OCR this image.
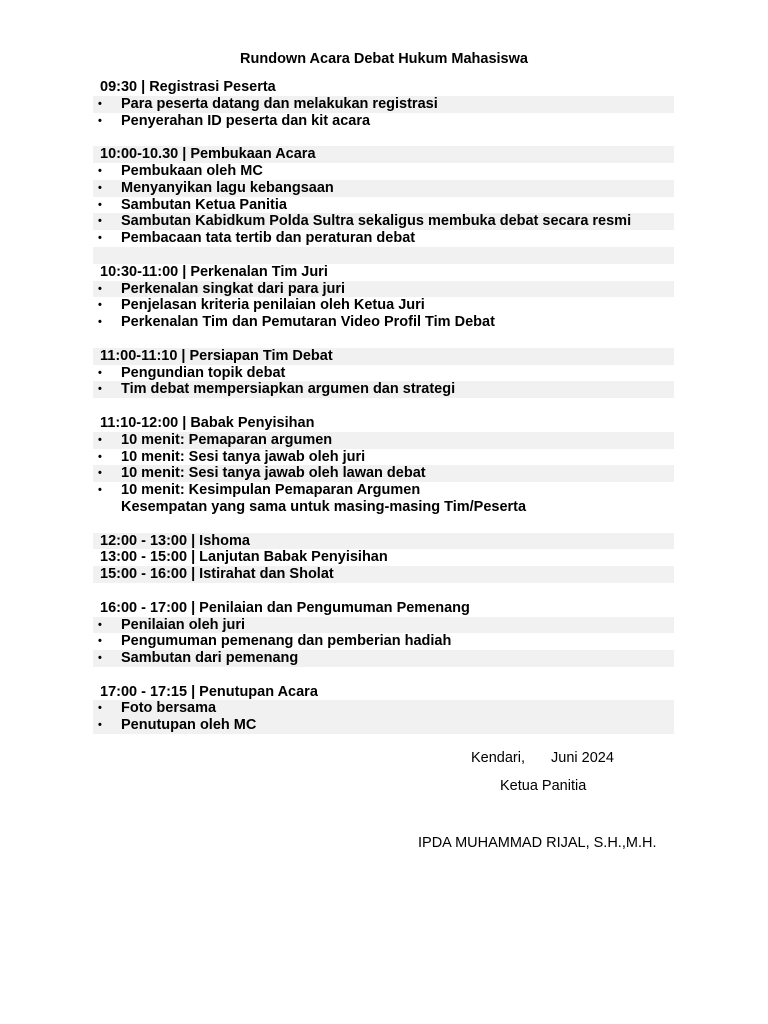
Rundown Acara Debat Hukum Mahasiswa
09:30 | Registrasi Peserta
• Para peserta datang dan melakukan registrasi
• Penyerahan ID peserta dan kit acara
10:00-10.30 | Pembukaan Acara
• Pembukaan oleh MC
• Menyanyikan lagu kebangsaan
• Sambutan Ketua Panitia
• Sambutan Kabidkum Polda Sultra sekaligus membuka debat secara resmi
• Pembacaan tata tertib dan peraturan debat
10:30-11:00 | Perkenalan Tim Juri
• Perkenalan singkat dari para juri
• Penjelasan kriteria penilaian oleh Ketua Juri
• Perkenalan Tim dan Pemutaran Video Profil Tim Debat
11:00-11:10 | Persiapan Tim Debat
• Pengundian topik debat
• Tim debat mempersiapkan argumen dan strategi
11:10-12:00 | Babak Penyisihan
• 10 menit: Pemaparan argumen
• 10 menit: Sesi tanya jawab oleh juri
• 10 menit: Sesi tanya jawab oleh lawan debat
• 10 menit: Kesimpulan Pemaparan Argumen
Kesempatan yang sama untuk masing-masing Tim/Peserta
12:00 - 13:00 | Ishoma
13:00 - 15:00 | Lanjutan Babak Penyisihan
15:00 - 16:00 | Istirahat dan Sholat
16:00 - 17:00 | Penilaian dan Pengumuman Pemenang
• Penilaian oleh juri
• Pengumuman pemenang dan pemberian hadiah
• Sambutan dari pemenang
17:00 - 17:15 | Penutupan Acara
• Foto bersama
• Penutupan oleh MC
Kendari, Juni 2024
Ketua Panitia
IPDA MUHAMMAD RIJAL, S.H.,M.H.
